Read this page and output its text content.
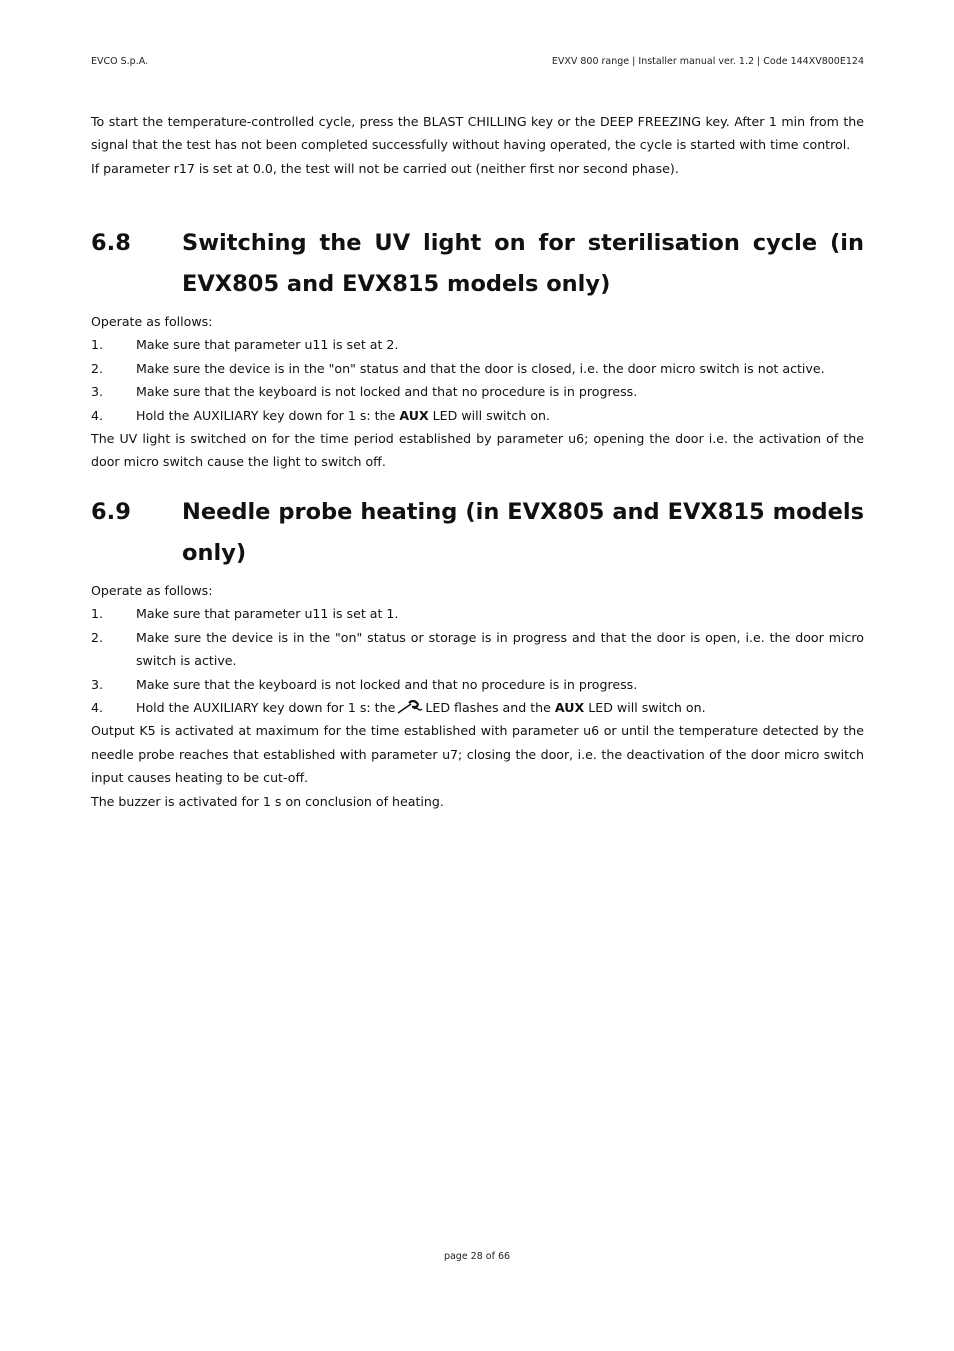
EVCO S.p.A.	EVXV 800 range | Installer manual ver. 1.2 | Code 144XV800E124

To start the temperature-controlled cycle, press the BLAST CHILLING key or the DEEP FREEZING key. After 1 min from the signal that the test has not been completed successfully without having operated, the cycle is started with time control.

If parameter r17 is set at 0.0, the test will not be carried out (neither first nor second phase).

6.8	Switching the UV light on for sterilisation cycle (in EVX805 and EVX815 models only)

Operate as follows:

1.	Make sure that parameter u11 is set at 2.
2.	Make sure the device is in the "on" status and that the door is closed, i.e. the door micro switch is not active.
3.	Make sure that the keyboard is not locked and that no procedure is in progress.
4.	Hold the AUXILIARY key down for 1 s: the AUX LED will switch on.

The UV light is switched on for the time period established by parameter u6; opening the door i.e. the activation of the door micro switch cause the light to switch off.

6.9	Needle probe heating (in EVX805 and EVX815 models only)

Operate as follows:

1.	Make sure that parameter u11 is set at 1.
2.	Make sure the device is in the "on" status or storage is in progress and that the door is open, i.e. the door micro switch is active.
3.	Make sure that the keyboard is not locked and that no procedure is in progress.
4.	Hold the AUXILIARY key down for 1 s: the LED flashes and the AUX LED will switch on.

Output K5 is activated at maximum for the time established with parameter u6 or until the temperature detected by the needle probe reaches that established with parameter u7; closing the door, i.e. the deactivation of the door micro switch input causes heating to be cut-off.

The buzzer is activated for 1 s on conclusion of heating.

page 28 of 66
